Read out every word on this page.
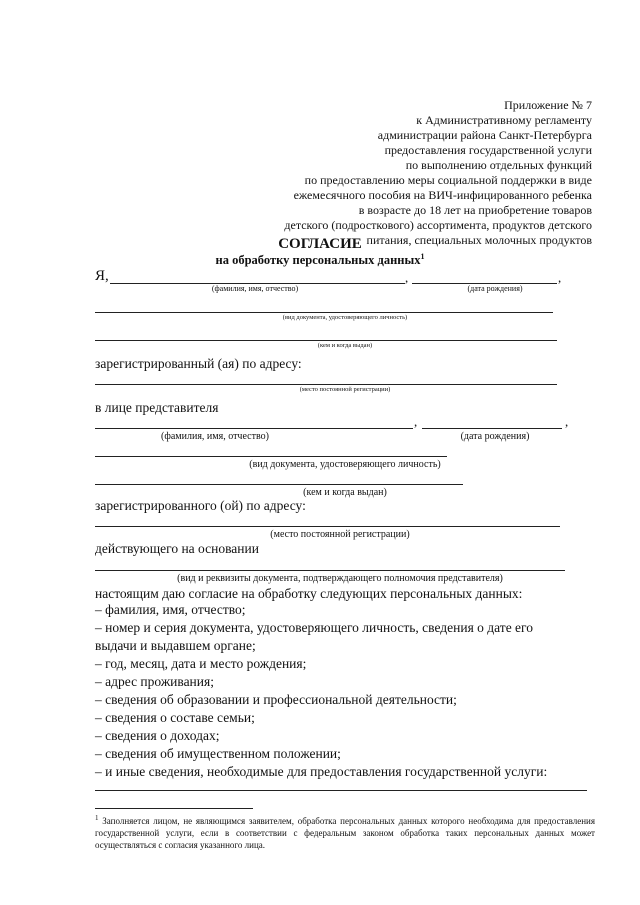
Приложение № 7
к Административному регламенту
администрации района Санкт-Петербурга
предоставления государственной услуги
по выполнению отдельных функций
по предоставлению меры социальной поддержки в виде
ежемесячного пособия на ВИЧ-инфицированного ребенка
в возрасте до 18 лет на приобретение товаров
детского (подросткового) ассортимента, продуктов детского
питания, специальных молочных продуктов
СОГЛАСИЕ
на обработку персональных данных$^1$
Я,	,	,
(фамилия, имя, отчество)	(дата рождения)
(вид документа, удостоверяющего личность)
(кем и когда выдан)
зарегистрированный (ая) по адресу:
(место постоянной регистрации)
в лице представителя
,	,
(фамилия, имя, отчество)	(дата рождения)
(вид документа, удостоверяющего личность)
(кем и когда выдан)
зарегистрированного (ой) по адресу:
(место постоянной регистрации)
действующего на основании
(вид и реквизиты документа, подтверждающего полномочия представителя)
настоящим даю согласие на обработку следующих персональных данных:
– фамилия, имя, отчество;
– номер и серия документа, удостоверяющего личность, сведения о дате его
выдачи и выдавшем органе;
– год, месяц, дата и место рождения;
– адрес проживания;
– сведения об образовании и профессиональной деятельности;
– сведения о составе семьи;
– сведения о доходах;
– сведения об имущественном положении;
– и иные сведения, необходимые для предоставления государственной услуги:
$^1$ Заполняется лицом, не являющимся заявителем, обработка персональных данных которого необходима для предоставления государственной услуги, если в соответствии с федеральным законом обработка таких персональных данных может осуществляться с согласия указанного лица.
